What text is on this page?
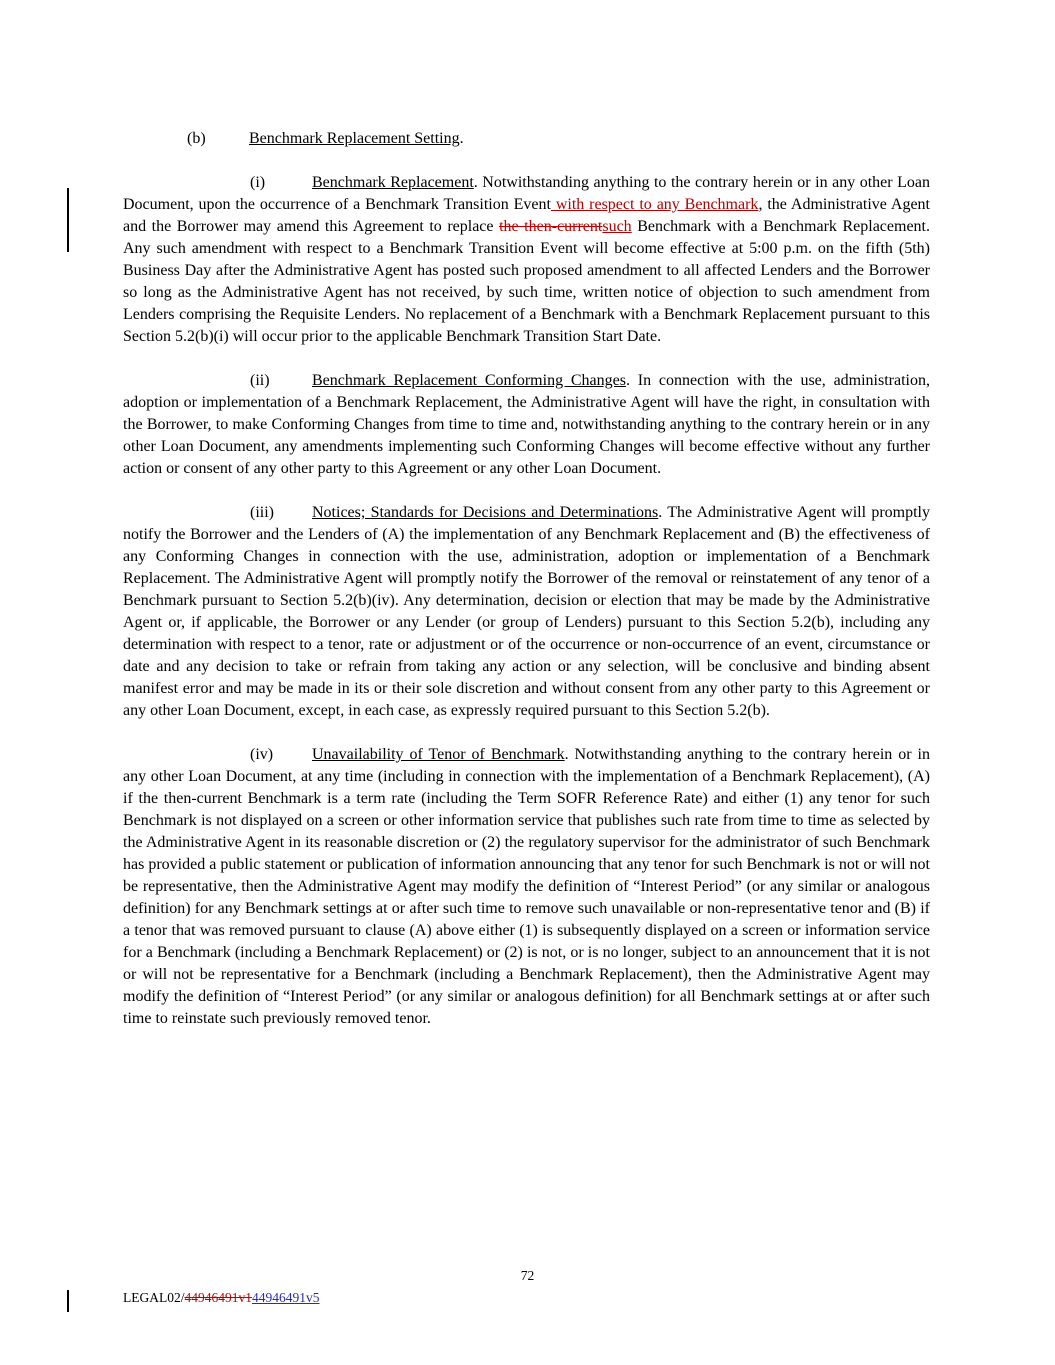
(b)	Benchmark Replacement Setting.

(i)	Benchmark Replacement. Notwithstanding anything to the contrary herein or in any other Loan Document, upon the occurrence of a Benchmark Transition Event with respect to any Benchmark, the Administrative Agent and the Borrower may amend this Agreement to replace the then-currentsuch Benchmark with a Benchmark Replacement. Any such amendment with respect to a Benchmark Transition Event will become effective at 5:00 p.m. on the fifth (5th) Business Day after the Administrative Agent has posted such proposed amendment to all affected Lenders and the Borrower so long as the Administrative Agent has not received, by such time, written notice of objection to such amendment from Lenders comprising the Requisite Lenders. No replacement of a Benchmark with a Benchmark Replacement pursuant to this Section 5.2(b)(i) will occur prior to the applicable Benchmark Transition Start Date.

(ii)	Benchmark Replacement Conforming Changes. In connection with the use, administration, adoption or implementation of a Benchmark Replacement, the Administrative Agent will have the right, in consultation with the Borrower, to make Conforming Changes from time to time and, notwithstanding anything to the contrary herein or in any other Loan Document, any amendments implementing such Conforming Changes will become effective without any further action or consent of any other party to this Agreement or any other Loan Document.

(iii) Notices; Standards for Decisions and Determinations. The Administrative Agent will promptly notify the Borrower and the Lenders of (A) the implementation of any Benchmark Replacement and (B) the effectiveness of any Conforming Changes in connection with the use, administration, adoption or implementation of a Benchmark Replacement. The Administrative Agent will promptly notify the Borrower of the removal or reinstatement of any tenor of a Benchmark pursuant to Section 5.2(b)(iv). Any determination, decision or election that may be made by the Administrative Agent or, if applicable, the Borrower or any Lender (or group of Lenders) pursuant to this Section 5.2(b), including any determination with respect to a tenor, rate or adjustment or of the occurrence or non-occurrence of an event, circumstance or date and any decision to take or refrain from taking any action or any selection, will be conclusive and binding absent manifest error and may be made in its or their sole discretion and without consent from any other party to this Agreement or any other Loan Document, except, in each case, as expressly required pursuant to this Section 5.2(b).

(iv) Unavailability of Tenor of Benchmark. Notwithstanding anything to the contrary herein or in any other Loan Document, at any time (including in connection with the implementation of a Benchmark Replacement), (A) if the then-current Benchmark is a term rate (including the Term SOFR Reference Rate) and either (1) any tenor for such Benchmark is not displayed on a screen or other information service that publishes such rate from time to time as selected by the Administrative Agent in its reasonable discretion or (2) the regulatory supervisor for the administrator of such Benchmark has provided a public statement or publication of information announcing that any tenor for such Benchmark is not or will not be representative, then the Administrative Agent may modify the definition of “Interest Period” (or any similar or analogous definition) for any Benchmark settings at or after such time to remove such unavailable or non-representative tenor and (B) if a tenor that was removed pursuant to clause (A) above either (1) is subsequently displayed on a screen or information service for a Benchmark (including a Benchmark Replacement) or (2) is not, or is no longer, subject to an announcement that it is not or will not be representative for a Benchmark (including a Benchmark Replacement), then the Administrative Agent may modify the definition of “Interest Period” (or any similar or analogous definition) for all Benchmark settings at or after such time to reinstate such previously removed tenor.

72
LEGAL02/44946491v144946491v5
